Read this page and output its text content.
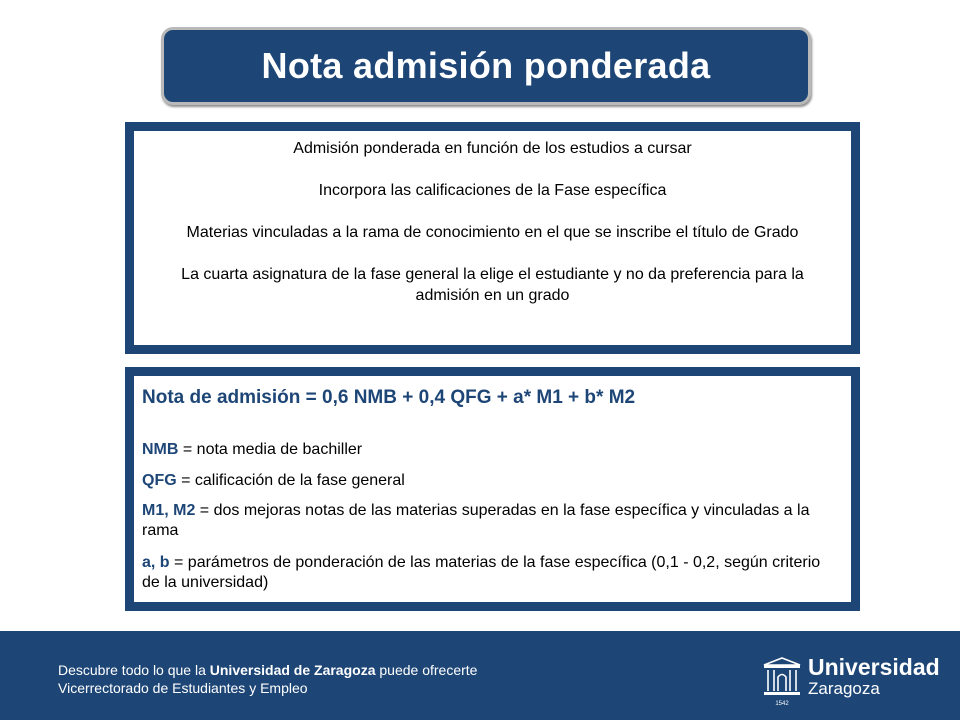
Nota admisión ponderada

Admisión ponderada en función de los estudios a cursar

Incorpora las calificaciones de la Fase específica

Materias vinculadas a la rama de conocimiento en el que se inscribe el título de Grado

La cuarta asignatura de la fase general la elige el estudiante y no da preferencia para la admisión en un grado

Nota de admisión = 0,6 NMB + 0,4 QFG + a* M1 + b* M2
NMB = nota media de bachiller
QFG = calificación de la fase general
M1, M2 = dos mejoras notas de las materias superadas en la fase específica y vinculadas a la rama
a, b = parámetros de ponderación de las materias de la fase específica (0,1 - 0,2, según criterio de la universidad)
Descubre todo lo que la Universidad de Zaragoza puede ofrecerte
Vicerrectorado de Estudiantes y Empleo
1542
Universidad
Zaragoza
